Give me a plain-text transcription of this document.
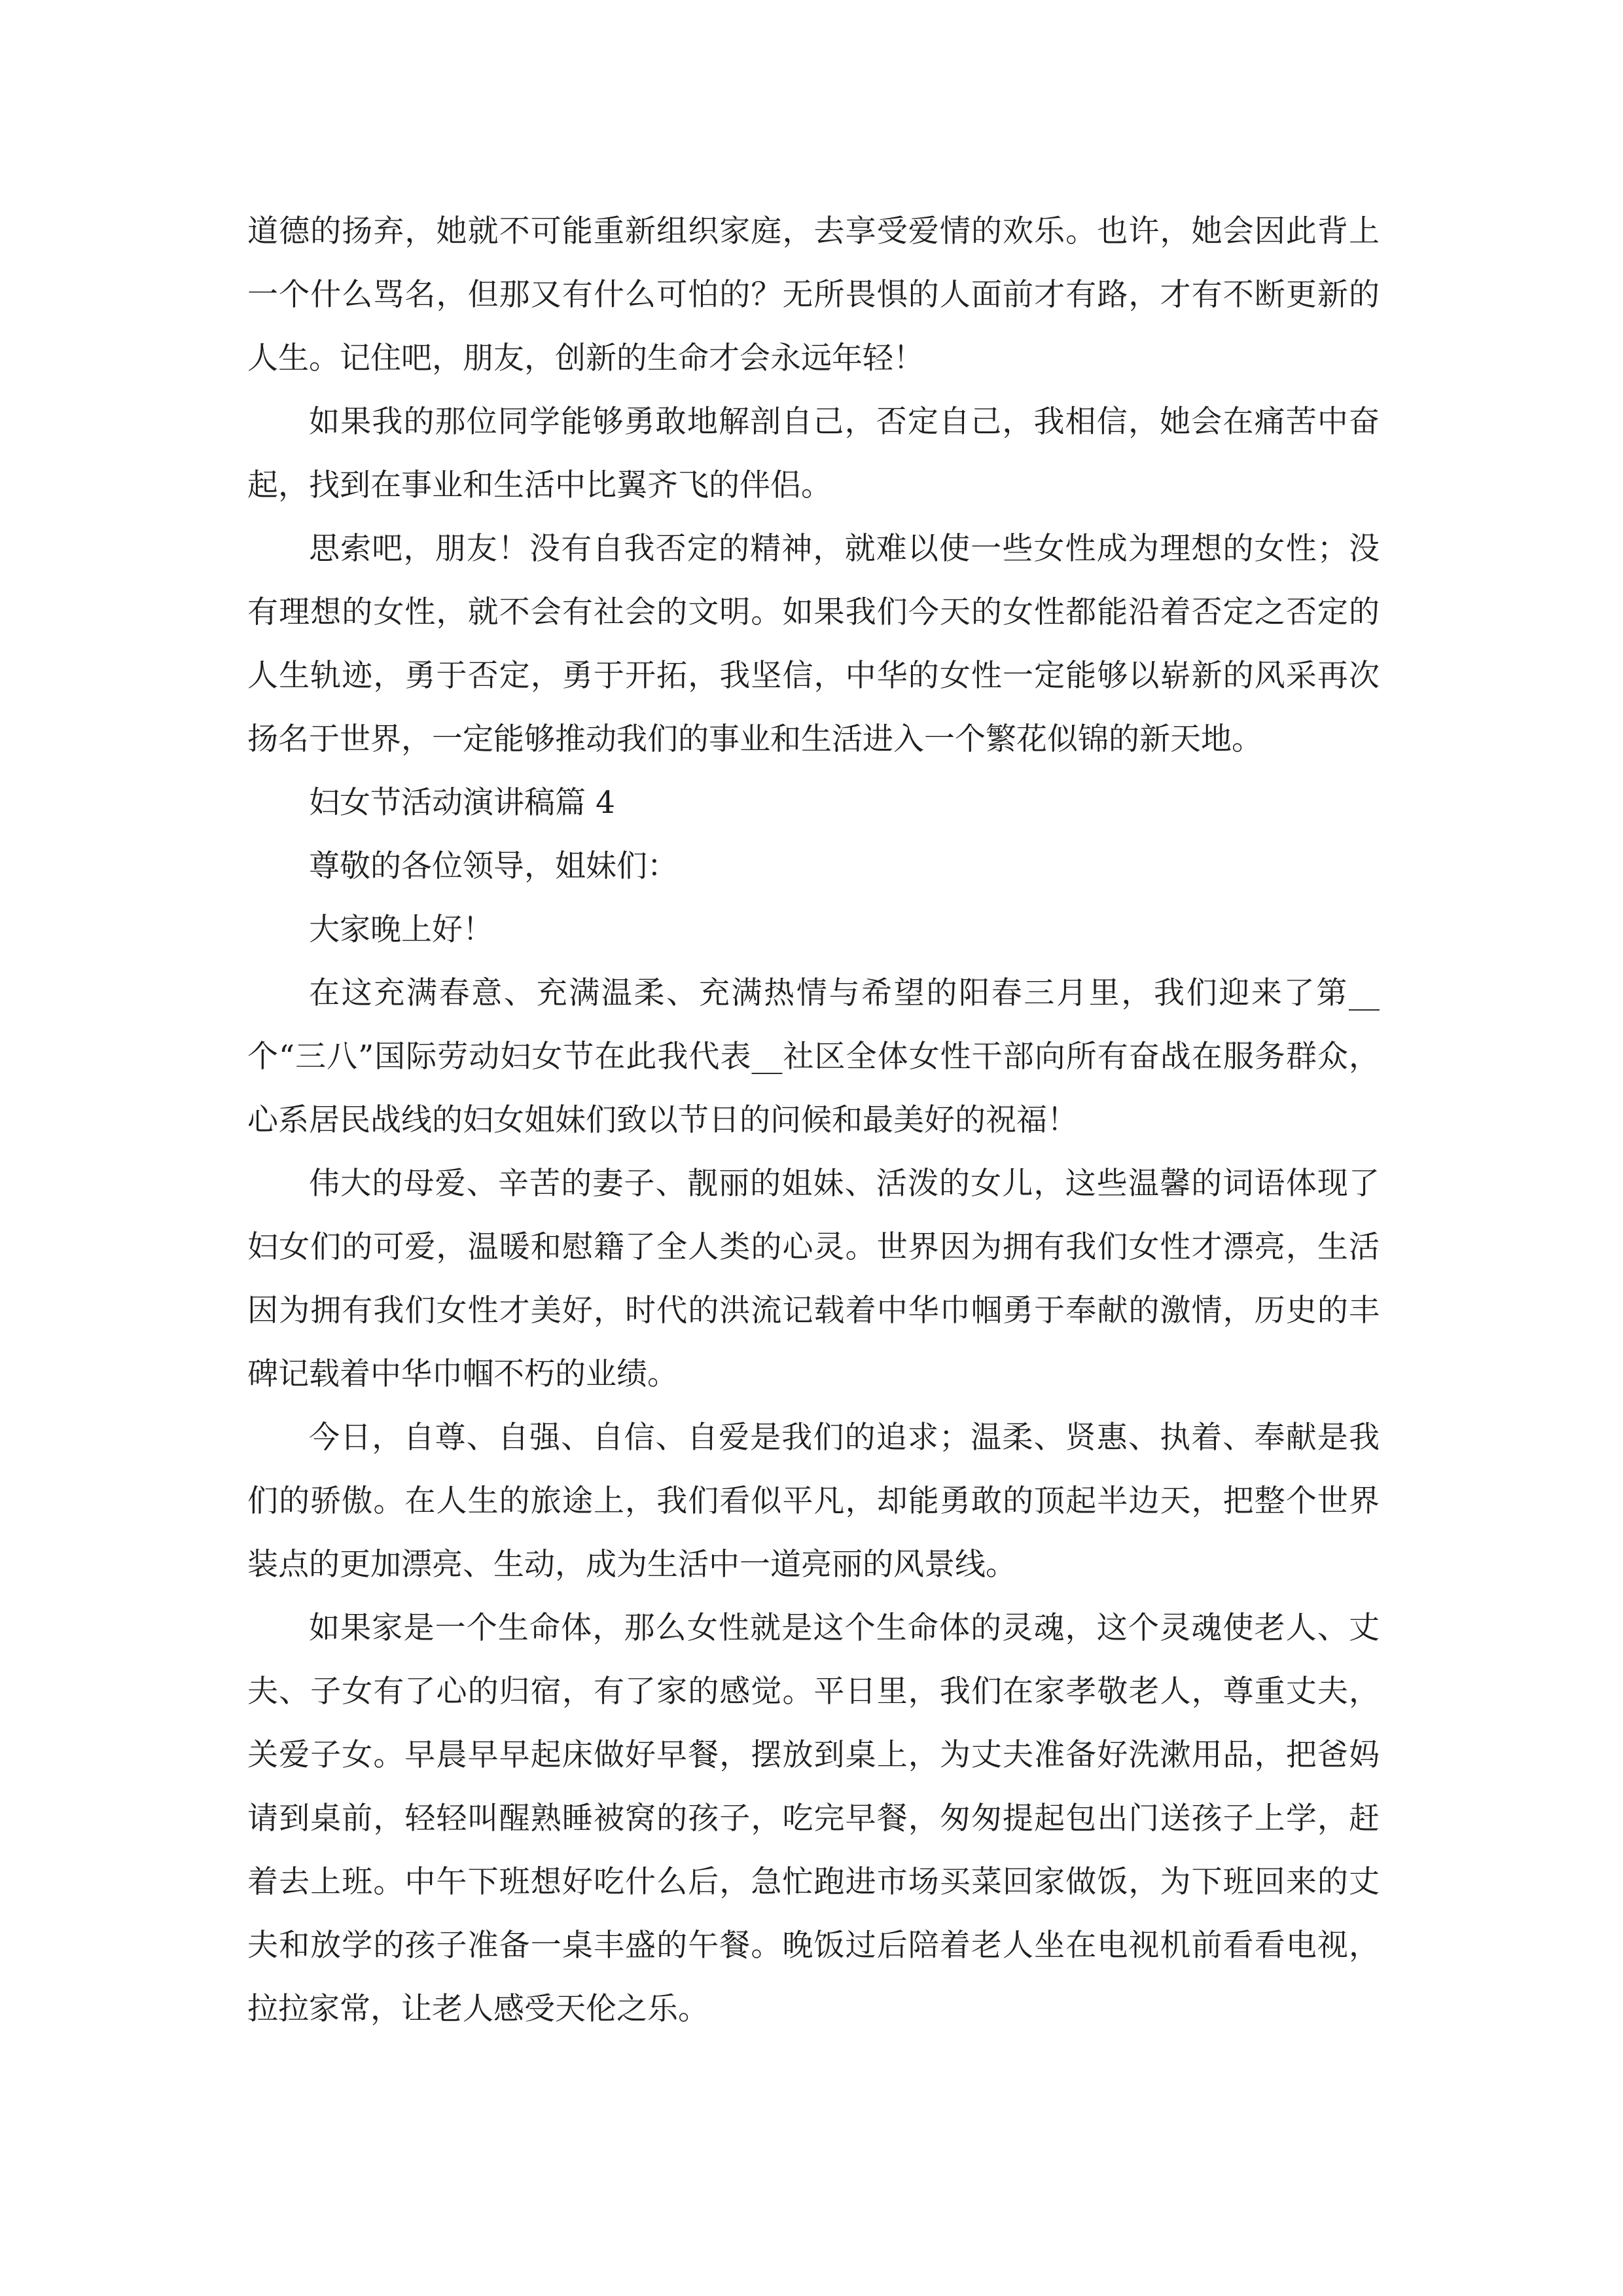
道德的扬弃，她就不可能重新组织家庭，去享受爱情的欢乐。也许，她会因此背上一个什么骂名，但那又有什么可怕的？无所畏惧的人面前才有路，才有不断更新的人生。记住吧，朋友，创新的生命才会永远年轻！

如果我的那位同学能够勇敢地解剖自己，否定自己，我相信，她会在痛苦中奋起，找到在事业和生活中比翼齐飞的伴侣。

思索吧，朋友！没有自我否定的精神，就难以使一些女性成为理想的女性；没有理想的女性，就不会有社会的文明。如果我们今天的女性都能沿着否定之否定的人生轨迹，勇于否定，勇于开拓，我坚信，中华的女性一定能够以崭新的风采再次扬名于世界，一定能够推动我们的事业和生活进入一个繁花似锦的新天地。

妇女节活动演讲稿篇 4

尊敬的各位领导，姐妹们：

大家晚上好！

在这充满春意、充满温柔、充满热情与希望的阳春三月里，我们迎来了第__个“三八”国际劳动妇女节在此我代表__社区全体女性干部向所有奋战在服务群众，心系居民战线的妇女姐妹们致以节日的问候和最美好的祝福！

伟大的母爱、辛苦的妻子、靓丽的姐妹、活泼的女儿，这些温馨的词语体现了妇女们的可爱，温暖和慰籍了全人类的心灵。世界因为拥有我们女性才漂亮，生活因为拥有我们女性才美好，时代的洪流记载着中华巾帼勇于奉献的激情，历史的丰碑记载着中华巾帼不朽的业绩。

今日，自尊、自强、自信、自爱是我们的追求；温柔、贤惠、执着、奉献是我们的骄傲。在人生的旅途上，我们看似平凡，却能勇敢的顶起半边天，把整个世界装点的更加漂亮、生动，成为生活中一道亮丽的风景线。

如果家是一个生命体，那么女性就是这个生命体的灵魂，这个灵魂使老人、丈夫、子女有了心的归宿，有了家的感觉。平日里，我们在家孝敬老人，尊重丈夫，关爱子女。早晨早早起床做好早餐，摆放到桌上，为丈夫准备好洗漱用品，把爸妈请到桌前，轻轻叫醒熟睡被窝的孩子，吃完早餐，匆匆提起包出门送孩子上学，赶着去上班。中午下班想好吃什么后，急忙跑进市场买菜回家做饭，为下班回来的丈夫和放学的孩子准备一桌丰盛的午餐。晚饭过后陪着老人坐在电视机前看看电视，拉拉家常，让老人感受天伦之乐。
